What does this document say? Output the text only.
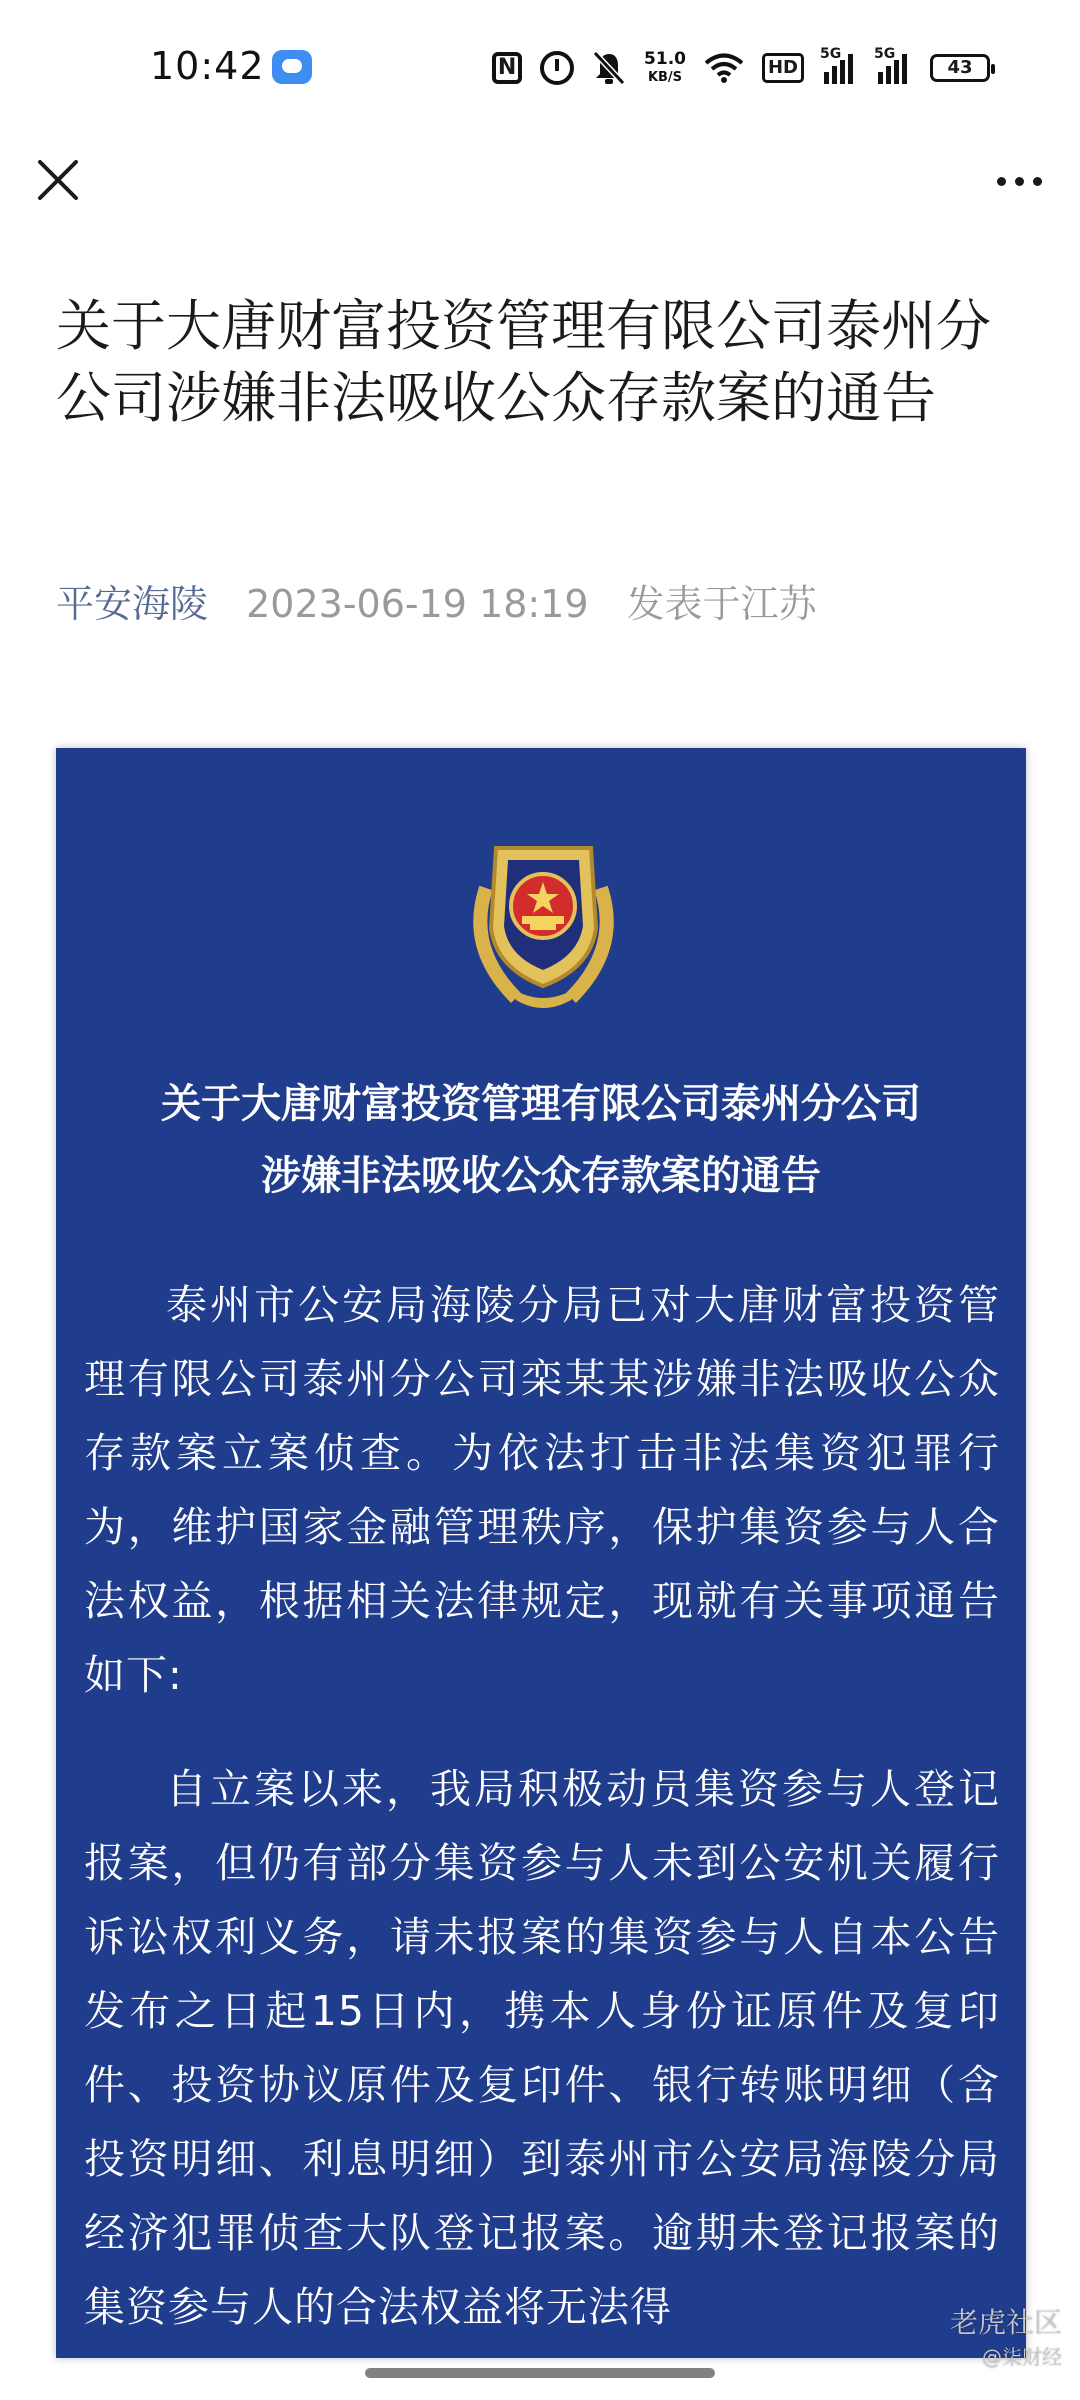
10:42	N	51.0
KB/S	HD
5G 5G
43
关于大唐财富投资管理有限公司泰州分公司涉嫌非法吸收公众存款案的通告
平安海陵 2023-06-19 18:19 发表于江苏
关于大唐财富投资管理有限公司泰州分公司
涉嫌非法吸收公众存款案的通告

泰州市公安局海陵分局已对大唐财富投资管理有限公司泰州分公司栾某某涉嫌非法吸收公众存款案立案侦查。为依法打击非法集资犯罪行为，维护国家金融管理秩序，保护集资参与人合法权益，根据相关法律规定，现就有关事项通告如下:

自立案以来，我局积极动员集资参与人登记报案，但仍有部分集资参与人未到公安机关履行诉讼权利义务，请未报案的集资参与人自本公告发布之日起15日内，携本人身份证原件及复印件、投资协议原件及复印件、银行转账明细（含投资明细、利息明细）到泰州市公安局海陵分局经济犯罪侦查大队登记报案。逾期未登记报案的集资参与人的合法权益将无法得	老虎社区
@柒财经
